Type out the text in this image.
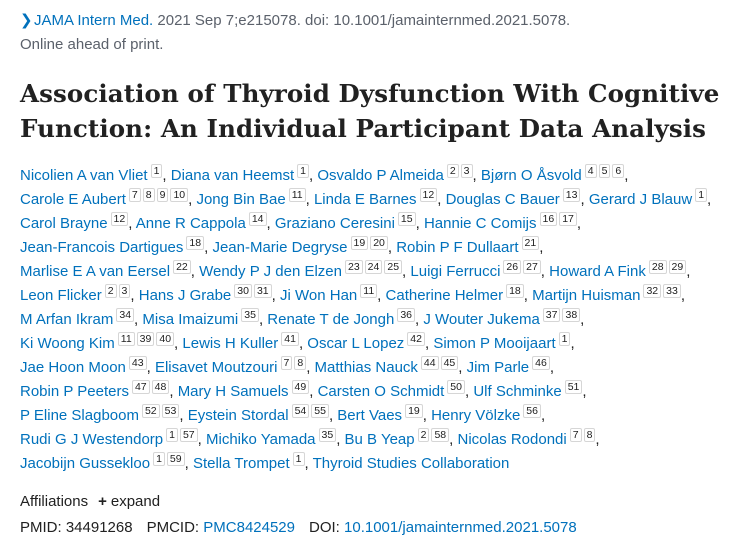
❯JAMA Intern Med. 2021 Sep 7;e215078. doi: 10.1001/jamainternmed.2021.5078.
Online ahead of print.
Association of Thyroid Dysfunction With Cognitive Function: An Individual Participant Data Analysis
Nicolien A van Vliet 1 , Diana van Heemst 1 , Osvaldo P Almeida 2 3 , Bjørn O Åsvold 4 5 6 ,
Carole E Aubert 7 8 9 10 , Jong Bin Bae 11 , Linda E Barnes 12 , Douglas C Bauer 13 , Gerard J Blauw 1 ,
Carol Brayne 12 , Anne R Cappola 14 , Graziano Ceresini 15 , Hannie C Comijs 16 17 ,
Jean-Francois Dartigues 18 , Jean-Marie Degryse 19 20 , Robin P F Dullaart 21 ,
Marlise E A van Eersel 22 , Wendy P J den Elzen 23 24 25 , Luigi Ferrucci 26 27 , Howard A Fink 28 29 ,
Leon Flicker 2 3 , Hans J Grabe 30 31 , Ji Won Han 11 , Catherine Helmer 18 , Martijn Huisman 32 33 ,
M Arfan Ikram 34 , Misa Imaizumi 35 , Renate T de Jongh 36 , J Wouter Jukema 37 38 ,
Ki Woong Kim 11 39 40 , Lewis H Kuller 41 , Oscar L Lopez 42 , Simon P Mooijaart 1 ,
Jae Hoon Moon 43 , Elisavet Moutzouri 7 8 , Matthias Nauck 44 45 , Jim Parle 46 ,
Robin P Peeters 47 48 , Mary H Samuels 49 , Carsten O Schmidt 50 , Ulf Schminke 51 ,
P Eline Slagboom 52 53 , Eystein Stordal 54 55 , Bert Vaes 19 , Henry Völzke 56 ,
Rudi G J Westendorp 1 57 , Michiko Yamada 35 , Bu B Yeap 2 58 , Nicolas Rodondi 7 8 ,
Jacobijn Gussekloo 1 59 , Stella Trompet 1 , Thyroid Studies Collaboration
Affiliations + expand
PMID: 34491268 PMCID: PMC8424529 DOI: 10.1001/jamainternmed.2021.5078
